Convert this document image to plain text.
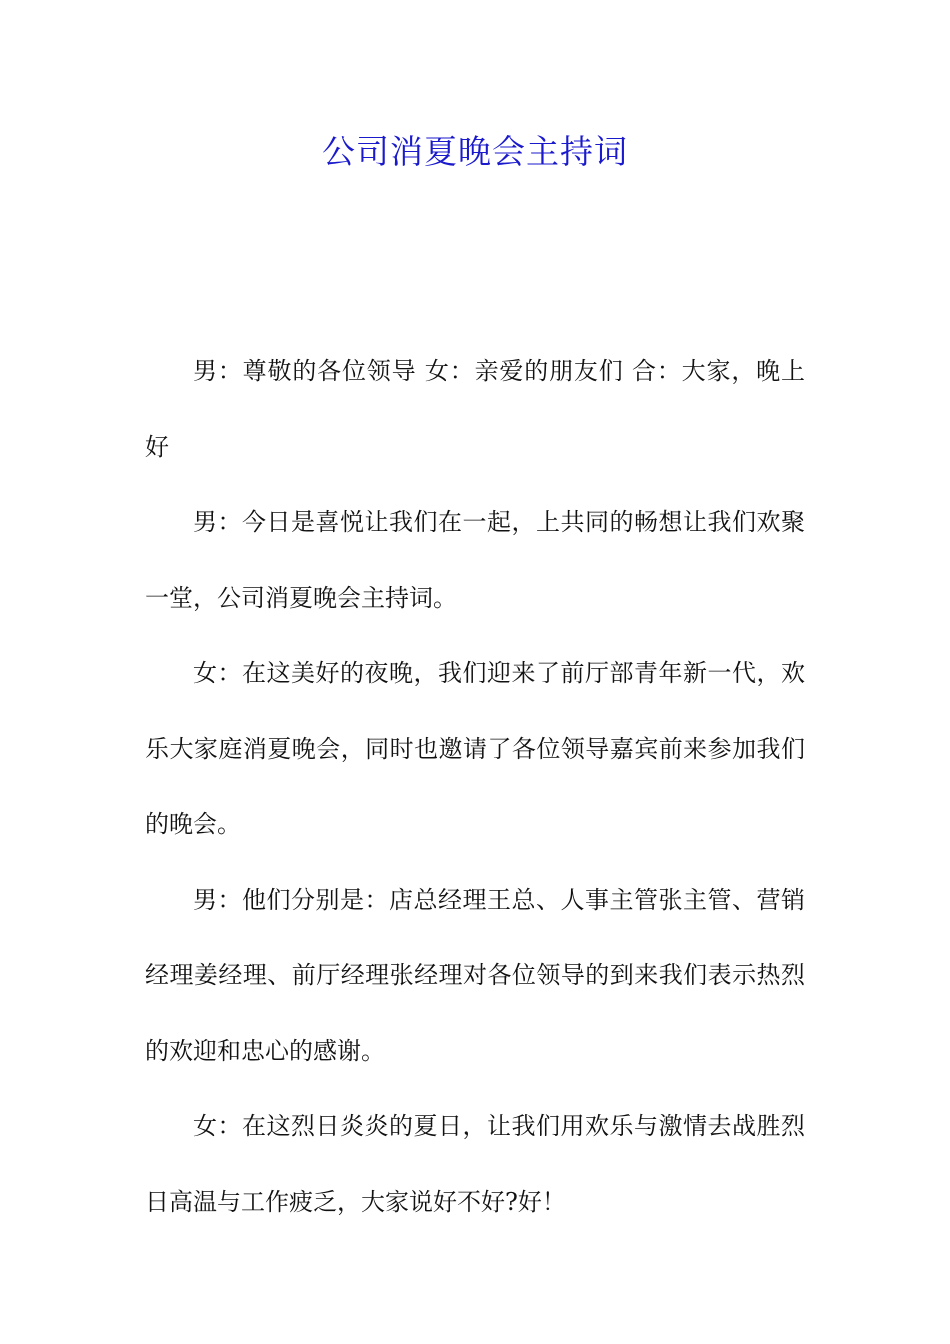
公司消夏晚会主持词

男：尊敬的各位领导 女：亲爱的朋友们 合：大家，晚上好

男：今日是喜悦让我们在一起，上共同的畅想让我们欢聚一堂，公司消夏晚会主持词。

女：在这美好的夜晚，我们迎来了前厅部青年新一代，欢乐大家庭消夏晚会，同时也邀请了各位领导嘉宾前来参加我们的晚会。

男：他们分别是：店总经理王总、人事主管张主管、营销经理姜经理、前厅经理张经理对各位领导的到来我们表示热烈的欢迎和忠心的感谢。

女：在这烈日炎炎的夏日，让我们用欢乐与激情去战胜烈日高温与工作疲乏，大家说好不好?好！
